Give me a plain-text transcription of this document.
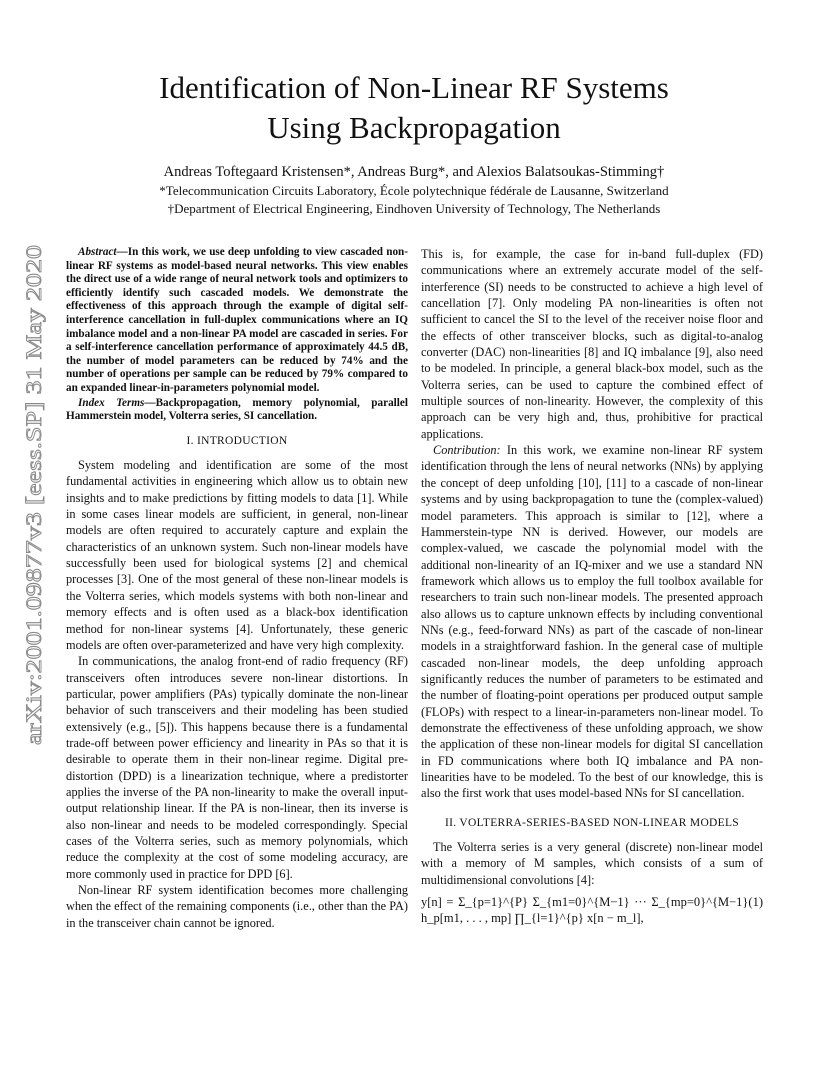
Identification of Non-Linear RF Systems
Using Backpropagation
Andreas Toftegaard Kristensen*, Andreas Burg*, and Alexios Balatsoukas-Stimming†
*Telecommunication Circuits Laboratory, École polytechnique fédérale de Lausanne, Switzerland
†Department of Electrical Engineering, Eindhoven University of Technology, The Netherlands
arXiv:2001.09877v3 [eess.SP] 31 May 2020

Abstract—In this work, we use deep unfolding to view cascaded non-linear RF systems as model-based neural networks. This view enables the direct use of a wide range of neural network tools and optimizers to efficiently identify such cascaded models. We demonstrate the effectiveness of this approach through the example of digital self-interference cancellation in full-duplex communications where an IQ imbalance model and a non-linear PA model are cascaded in series. For a self-interference cancellation performance of approximately 44.5 dB, the number of model parameters can be reduced by 74% and the number of operations per sample can be reduced by 79% compared to an expanded linear-in-parameters polynomial model.

Index Terms—Backpropagation, memory polynomial, parallel Hammerstein model, Volterra series, SI cancellation.

I. INTRODUCTION

System modeling and identification are some of the most fundamental activities in engineering which allow us to obtain new insights and to make predictions by fitting models to data [1]. While in some cases linear models are sufficient, in general, non-linear models are often required to accurately capture and explain the characteristics of an unknown system. Such non-linear models have successfully been used for biological systems [2] and chemical processes [3]. One of the most general of these non-linear models is the Volterra series, which models systems with both non-linear and memory effects and is often used as a black-box identification method for non-linear systems [4]. Unfortunately, these generic models are often over-parameterized and have very high complexity.

In communications, the analog front-end of radio frequency (RF) transceivers often introduces severe non-linear distortions. In particular, power amplifiers (PAs) typically dominate the non-linear behavior of such transceivers and their modeling has been studied extensively (e.g., [5]). This happens because there is a fundamental trade-off between power efficiency and linearity in PAs so that it is desirable to operate them in their non-linear regime. Digital pre-distortion (DPD) is a linearization technique, where a predistorter applies the inverse of the PA non-linearity to make the overall input-output relationship linear. If the PA is non-linear, then its inverse is also non-linear and needs to be modeled correspondingly. Special cases of the Volterra series, such as memory polynomials, which reduce the complexity at the cost of some modeling accuracy, are more commonly used in practice for DPD [6].

Non-linear RF system identification becomes more challenging when the effect of the remaining components (i.e., other than the PA) in the transceiver chain cannot be ignored.

This is, for example, the case for in-band full-duplex (FD) communications where an extremely accurate model of the self-interference (SI) needs to be constructed to achieve a high level of cancellation [7]. Only modeling PA non-linearities is often not sufficient to cancel the SI to the level of the receiver noise floor and the effects of other transceiver blocks, such as digital-to-analog converter (DAC) non-linearities [8] and IQ imbalance [9], also need to be modeled. In principle, a general black-box model, such as the Volterra series, can be used to capture the combined effect of multiple sources of non-linearity. However, the complexity of this approach can be very high and, thus, prohibitive for practical applications.

Contribution: In this work, we examine non-linear RF system identification through the lens of neural networks (NNs) by applying the concept of deep unfolding [10], [11] to a cascade of non-linear systems and by using backpropagation to tune the (complex-valued) model parameters. This approach is similar to [12], where a Hammerstein-type NN is derived. However, our models are complex-valued, we cascade the polynomial model with the additional non-linearity of an IQ-mixer and we use a standard NN framework which allows us to employ the full toolbox available for researchers to train such non-linear models. The presented approach also allows us to capture unknown effects by including conventional NNs (e.g., feed-forward NNs) as part of the cascade of non-linear models in a straightforward fashion. In the general case of multiple cascaded non-linear models, the deep unfolding approach significantly reduces the number of parameters to be estimated and the number of floating-point operations per produced output sample (FLOPs) with respect to a linear-in-parameters non-linear model. To demonstrate the effectiveness of these unfolding approach, we show the application of these non-linear models for digital SI cancellation in FD communications where both IQ imbalance and PA non-linearities have to be modeled. To the best of our knowledge, this is also the first work that uses model-based NNs for SI cancellation.

II. VOLTERRA-SERIES-BASED NON-LINEAR MODELS

The Volterra series is a very general (discrete) non-linear model with a memory of M samples, which consists of a sum of multidimensional convolutions [4]:

y[n] = Σ_{p=1}^{P} Σ_{m1=0}^{M−1} ··· Σ_{mp=0}^{M−1} h_p[m1, . . . , mp] ∏_{l=1}^{p} x[n − m_l],
(1)
